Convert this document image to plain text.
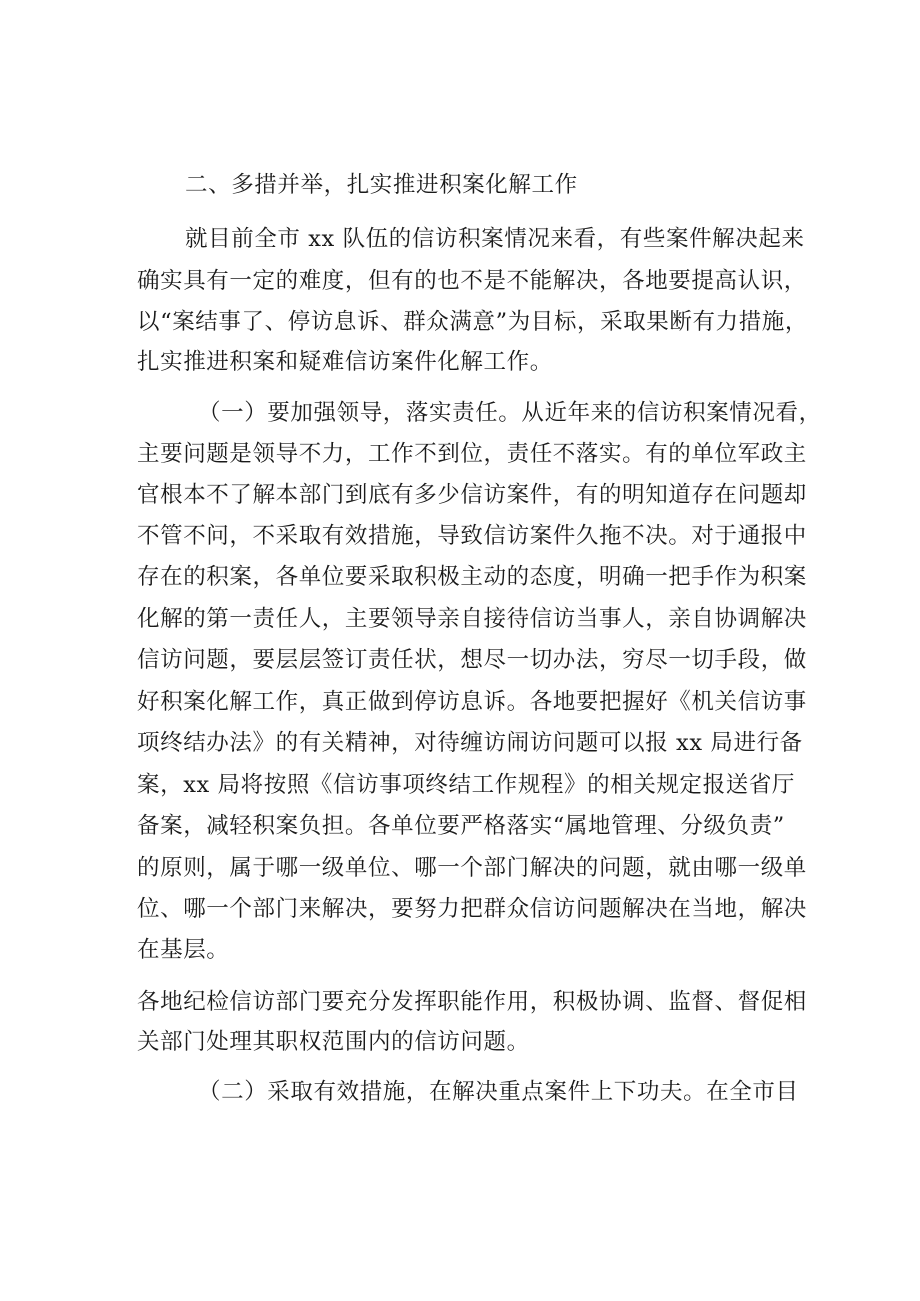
二、多措并举，扎实推进积案化解工作
就目前全市 xx 队伍的信访积案情况来看，有些案件解决起来
确实具有一定的难度，但有的也不是不能解决，各地要提高认识，
以“案结事了、停访息诉、群众满意”为目标，采取果断有力措施，
扎实推进积案和疑难信访案件化解工作。
（一）要加强领导，落实责任。从近年来的信访积案情况看，
主要问题是领导不力，工作不到位，责任不落实。有的单位军政主
官根本不了解本部门到底有多少信访案件，有的明知道存在问题却
不管不问，不采取有效措施，导致信访案件久拖不决。对于通报中
存在的积案，各单位要采取积极主动的态度，明确一把手作为积案
化解的第一责任人，主要领导亲自接待信访当事人，亲自协调解决
信访问题，要层层签订责任状，想尽一切办法，穷尽一切手段，做
好积案化解工作，真正做到停访息诉。各地要把握好《机关信访事
项终结办法》的有关精神，对待缠访闹访问题可以报 xx 局进行备
案，xx 局将按照《信访事项终结工作规程》的相关规定报送省厅
备案，减轻积案负担。各单位要严格落实“属地管理、分级负责”
的原则，属于哪一级单位、哪一个部门解决的问题，就由哪一级单
位、哪一个部门来解决，要努力把群众信访问题解决在当地，解决
在基层。
各地纪检信访部门要充分发挥职能作用，积极协调、监督、督促相
关部门处理其职权范围内的信访问题。
（二）采取有效措施，在解决重点案件上下功夫。在全市目
